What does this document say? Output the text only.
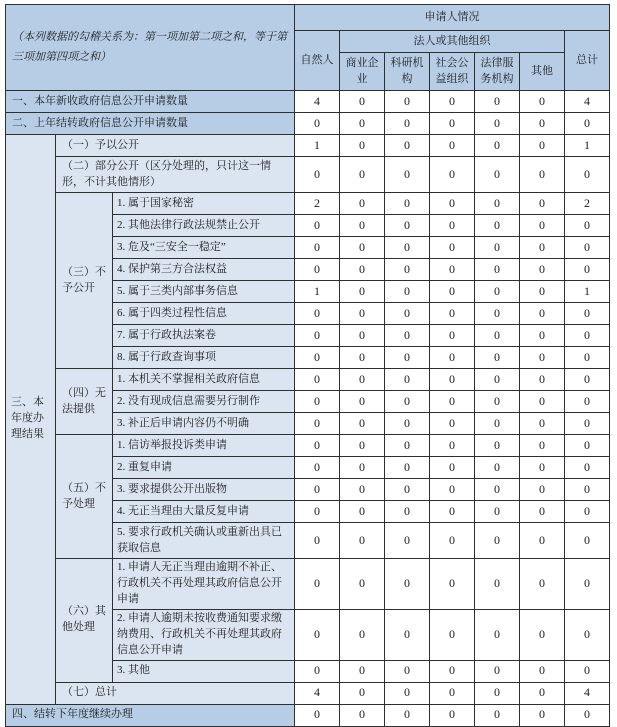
（本列数据的勾稽关系为：第一项加第二项之和，等于第三项加第四项之和）			申请人情况						
			自然人	法人或其他组织					总计
				商业企业	科研机构	社会公益组织	法律服务机构	其他	
一、本年新收政府信息公开申请数量			4	0	0	0	0	0	4
二、上年结转政府信息公开申请数量			0	0	0	0	0	0	0
三、本年度办理结果	（一）予以公开		1	0	0	0	0	0	1
	（二）部分公开（区分处理的，只计这一情形，不计其他情形）		0	0	0	0	0	0	0
	（三）不予公开	1. 属于国家秘密	2	0	0	0	0	0	2
		2. 其他法律行政法规禁止公开	0	0	0	0	0	0	0
		3. 危及“三安全一稳定”	0	0	0	0	0	0	0
		4. 保护第三方合法权益	0	0	0	0	0	0	0
		5. 属于三类内部事务信息	1	0	0	0	0	0	1
		6. 属于四类过程性信息	0	0	0	0	0	0	0
		7. 属于行政执法案卷	0	0	0	0	0	0	0
		8. 属于行政查询事项	0	0	0	0	0	0	0
	（四）无法提供	1. 本机关不掌握相关政府信息	0	0	0	0	0	0	0
		2. 没有现成信息需要另行制作	0	0	0	0	0	0	0
		3. 补正后申请内容仍不明确	0	0	0	0	0	0	0
	（五）不予处理	1. 信访举报投诉类申请	0	0	0	0	0	0	0
		2. 重复申请	0	0	0	0	0	0	0
		3. 要求提供公开出版物	0	0	0	0	0	0	0
		4. 无正当理由大量反复申请	0	0	0	0	0	0	0
		5. 要求行政机关确认或重新出具已获取信息	0	0	0	0	0	0	0
	（六）其他处理	1. 申请人无正当理由逾期不补正、行政机关不再处理其政府信息公开申请	0	0	0	0	0	0	0
		2. 申请人逾期未按收费通知要求缴纳费用、行政机关不再处理其政府信息公开申请	0	0	0	0	0	0	0
		3. 其他	0	0	0	0	0	0	0
	（七）总计		4	0	0	0	0	0	4
四、结转下年度继续办理			0	0	0	0	0	0	0
